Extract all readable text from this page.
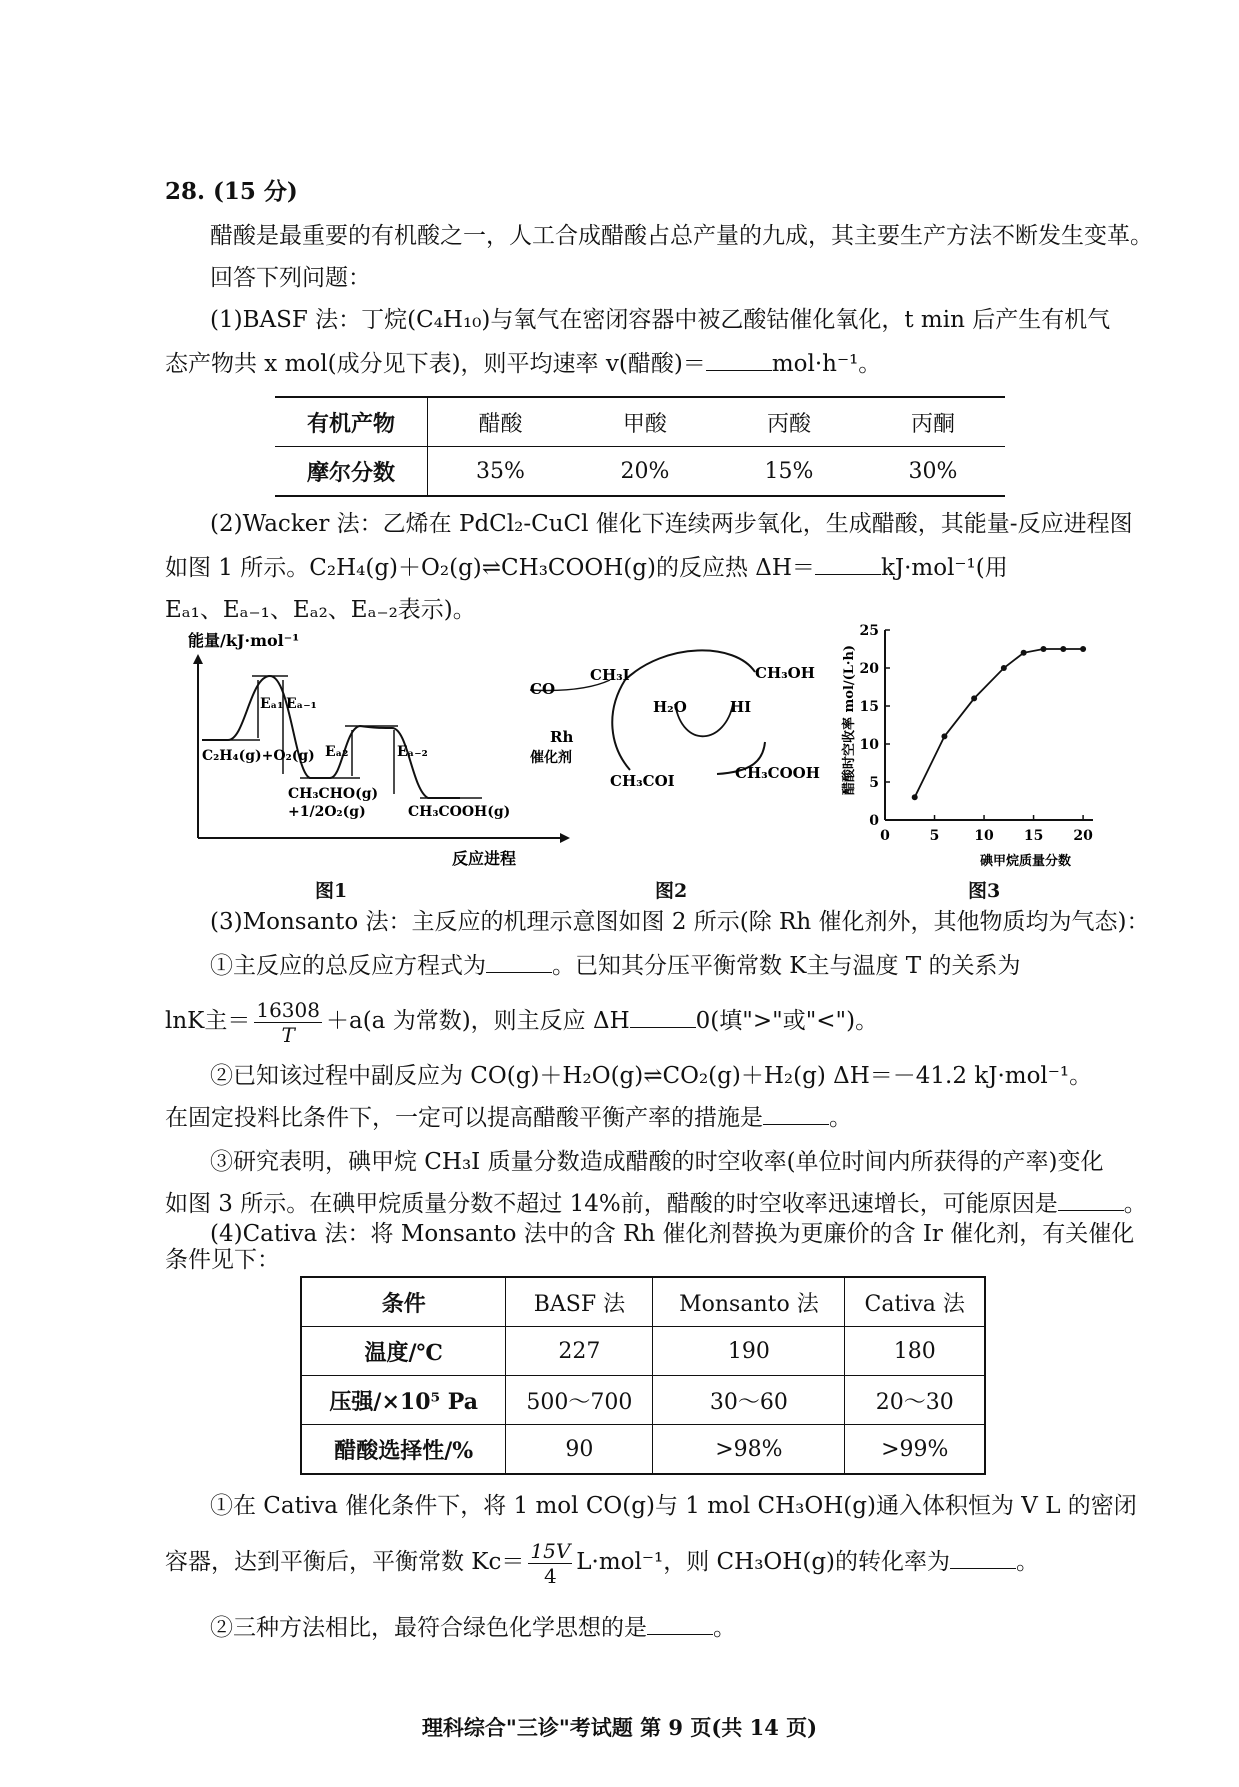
28. (15 分)
醋酸是最重要的有机酸之一，人工合成醋酸占总产量的九成，其主要生产方法不断发生变革。
回答下列问题：
(1)BASF 法：丁烷(C₄H₁₀)与氧气在密闭容器中被乙酸钴催化氧化，t min 后产生有机气
态产物共 x mol(成分见下表)，则平均速率 v(醋酸)＝	mol·h⁻¹。
有机产物	醋酸	甲酸	丙酸	丙酮
摩尔分数	35%	20%	15%	30%
(2)Wacker 法：乙烯在 PdCl₂-CuCl 催化下连续两步氧化，生成醋酸，其能量-反应进程图
如图 1 所示。C₂H₄(g)＋O₂(g)⇌CH₃COOH(g)的反应热 ΔH＝	kJ·mol⁻¹(用
Eₐ₁、Eₐ₋₁、Eₐ₂、Eₐ₋₂表示)。
能量/kJ·mol⁻¹
Eₐ₁ Eₐ₋₁
Eₐ₂	Eₐ₋₂
C₂H₄(g)+O₂(g)
CH₃CHO(g)
+1/2O₂(g)	CH₃COOH(g)
反应进程
图1
CO
CH₃I	CH₃OH
H₂O	HI
Rh
催化剂
CH₃COI	CH₃COOH
图2
醋酸时空收率 mol/(L·h)
0	5 10 15 20
0
5
10
15
20
25
碘甲烷质量分数
图3
(3)Monsanto 法：主反应的机理示意图如图 2 所示(除 Rh 催化剂外，其他物质均为气态)：
①主反应的总反应方程式为	。已知其分压平衡常数 K主与温度 T 的关系为
lnK主＝ $\frac{16308}{T} +a(a$ 为常数)，则主反应 ΔH	0(填">"或"<")。
②已知该过程中副反应为 CO(g)＋H₂O(g)⇌CO₂(g)＋H₂(g) ΔH＝－41.2 kJ·mol⁻¹。
在固定投料比条件下，一定可以提高醋酸平衡产率的措施是	。
③研究表明，碘甲烷 CH₃I 质量分数造成醋酸的时空收率(单位时间内所获得的产率)变化
如图 3 所示。在碘甲烷质量分数不超过 14%前，醋酸的时空收率迅速增长，可能原因是	。
(4)Cativa 法：将 Monsanto 法中的含 Rh 催化剂替换为更廉价的含 Ir 催化剂，有关催化
条件见下：
条件	BASF 法	Monsanto 法	Cativa 法
温度/℃	227	190	180
压强/×10⁵ Pa	500～700	30～60	20～30
醋酸选择性/%	90	>98%	>99%
①在 Cativa 催化条件下，将 1 mol CO(g)与 1 mol CH₃OH(g)通入体积恒为 V L 的密闭
容器，达到平衡后，平衡常数 $Kc= \frac{15V}{4} L\cdot mol^{-1}$，则 CH₃OH(g)的转化率为	。
②三种方法相比，最符合绿色化学思想的是	。
理科综合"三诊"考试题 第 9 页(共 14 页)
